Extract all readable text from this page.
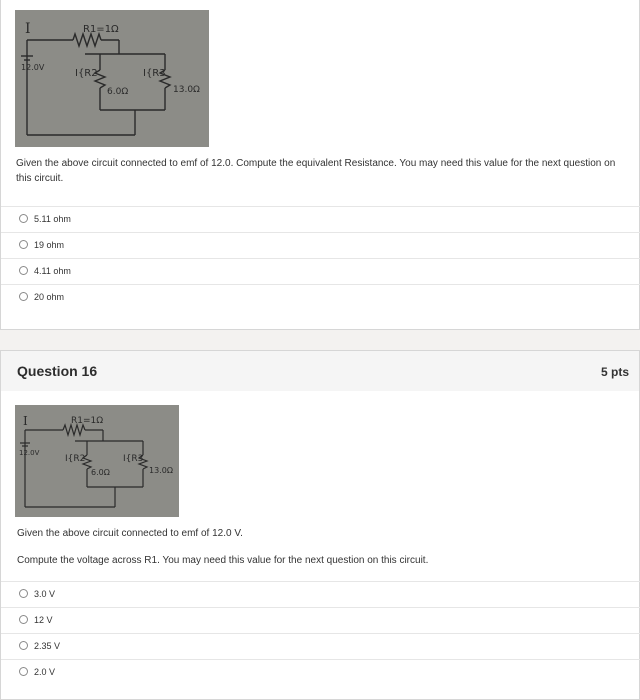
I
12.0V
R1=1Ω
I{R2
6.0Ω
I{R3
13.0Ω
Given the above circuit connected to emf of 12.0. Compute the equivalent Resistance. You may need this value for the next question on this circuit.
5.11 ohm
19 ohm
4.11 ohm
20 ohm
Question 16	5 pts
I
12.0V
R1=1Ω
I{R2
6.0Ω
I{R3
13.0Ω
Given the above circuit connected to emf of 12.0 V.
Compute the voltage across R1. You may need this value for the next question on this circuit.
3.0 V
12 V
2.35 V
2.0 V
